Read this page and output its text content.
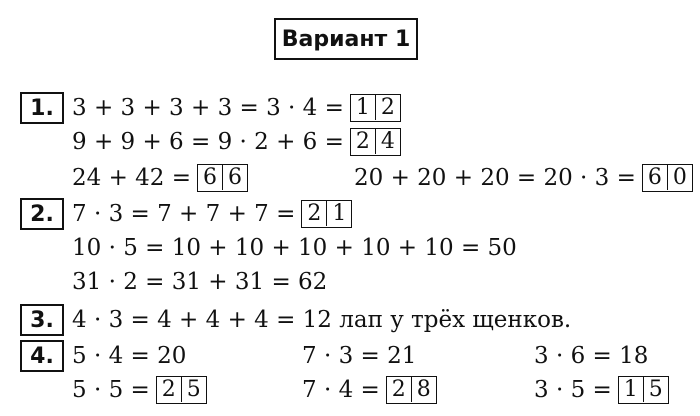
Вариант 1
1. 3 + 3 + 3 + 3 = 3 · 4 = 1 2
9 + 9 + 6 = 9 · 2 + 6 = 2 4
24 + 42 = 6 6	20 + 20 + 20 = 20 · 3 = 6 0
2. 7 · 3 = 7 + 7 + 7 = 2 1
10 · 5 = 10 + 10 + 10 + 10 + 10 = 50
31 · 2 = 31 + 31 = 62
3. 4 · 3 = 4 + 4 + 4 = 12 лап у трёх щенков.
4. 5 · 4 = 20	7 · 3 = 21	3 · 6 = 18
5 · 5 = 2 5	7 · 4 = 2 8	3 · 5 = 1 5
